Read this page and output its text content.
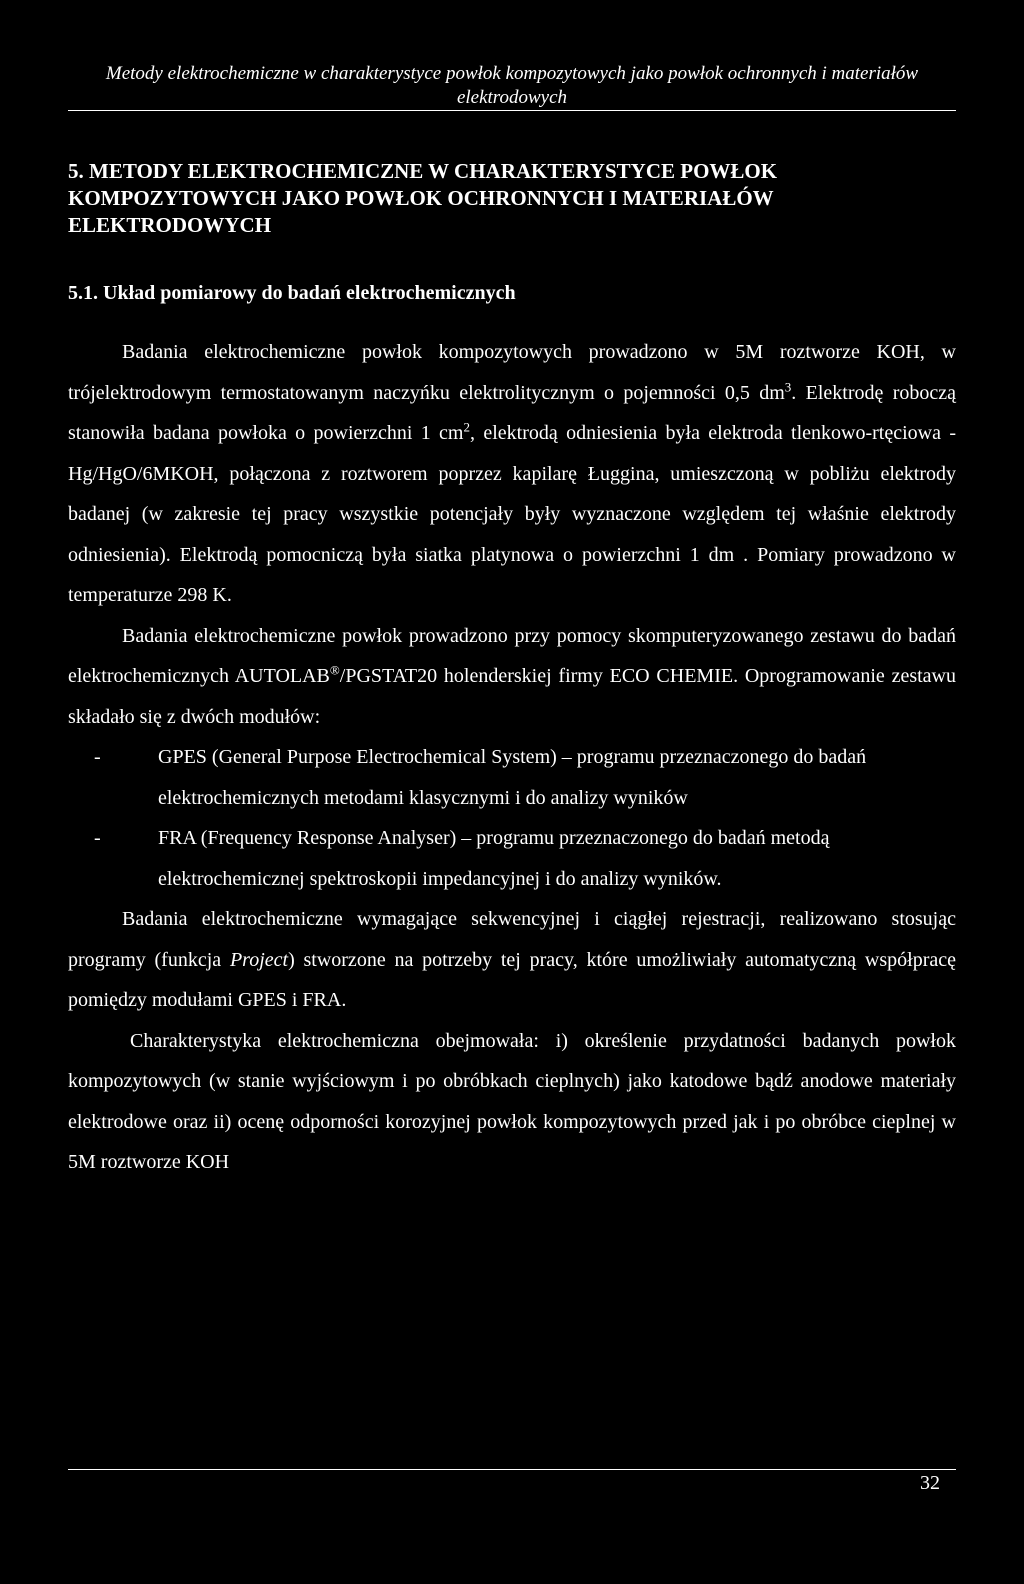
Metody elektrochemiczne w charakterystyce powłok kompozytowych jako powłok ochronnych i materiałów elektrodowych
5. METODY ELEKTROCHEMICZNE W CHARAKTERYSTYCE POWŁOK KOMPOZYTOWYCH JAKO POWŁOK OCHRONNYCH I MATERIAŁÓW ELEKTRODOWYCH
5.1. Układ pomiarowy do badań elektrochemicznych

Badania elektrochemiczne powłok kompozytowych prowadzono w 5M roztworze KOH, w trójelektrodowym termostatowanym naczyńku elektrolitycznym o pojemności 0,5 $dm^3$. Elektrodę roboczą stanowiła badana powłoka o powierzchni 1 $cm^2$, elektrodą odniesienia była elektroda tlenkowo-rtęciowa - Hg/HgO/6MKOH, połączona z roztworem poprzez kapilarę Ługgina, umieszczoną w pobliżu elektrody badanej (w zakresie tej pracy wszystkie potencjały były wyznaczone względem tej właśnie elektrody odniesienia). Elektrodą pomocniczą była siatka platynowa o powierzchni 1 dm . Pomiary prowadzono w temperaturze 298 K.

Badania elektrochemiczne powłok prowadzono przy pomocy skomputeryzowanego zestawu do badań elektrochemicznych AUTOLAB®/PGSTAT20 holenderskiej firmy ECO CHEMIE. Oprogramowanie zestawu składało się z dwóch modułów:

-	GPES (General Purpose Electrochemical System) – programu przeznaczonego do badań elektrochemicznych metodami klasycznymi i do analizy wyników
-	FRA (Frequency Response Analyser) – programu przeznaczonego do badań metodą elektrochemicznej spektroskopii impedancyjnej i do analizy wyników.

Badania elektrochemiczne wymagające sekwencyjnej i ciągłej rejestracji, realizowano stosując programy (funkcja Project) stworzone na potrzeby tej pracy, które umożliwiały automatyczną współpracę pomiędzy modułami GPES i FRA.

Charakterystyka elektrochemiczna obejmowała: i) określenie przydatności badanych powłok kompozytowych (w stanie wyjściowym i po obróbkach cieplnych) jako katodowe bądź anodowe materiały elektrodowe oraz ii) ocenę odporności korozyjnej powłok kompozytowych przed jak i po obróbce cieplnej w 5M roztworze KOH

32
